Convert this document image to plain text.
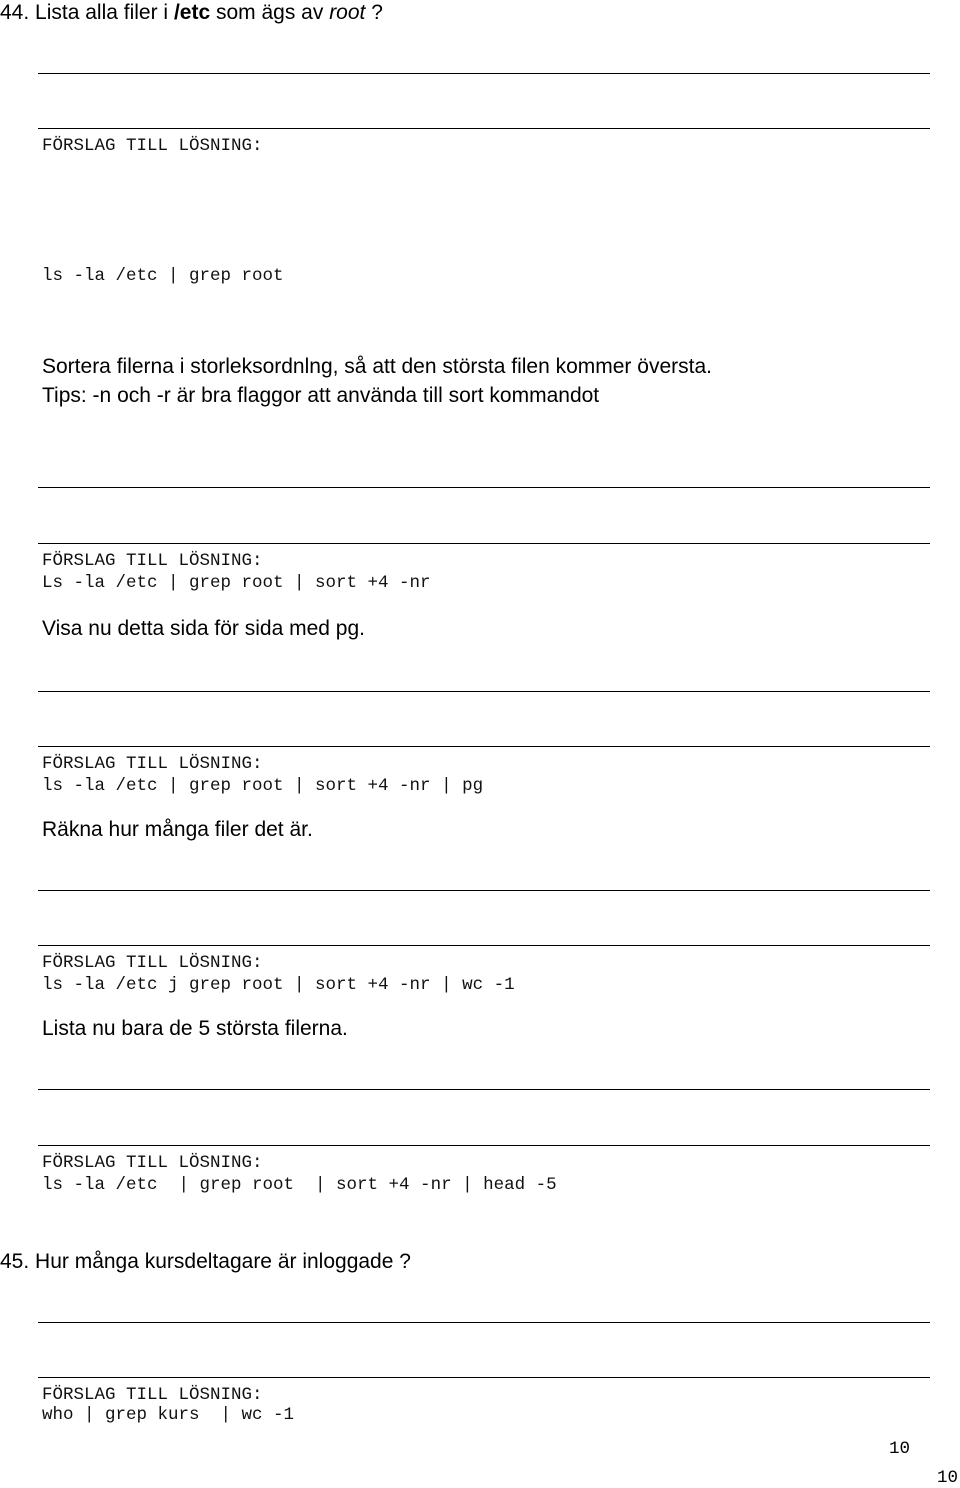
44. Lista alla filer i /etc som ägs av root ?
FÖRSLAG TILL LÖSNING:
ls -la /etc | grep root
Sortera filerna i storleksordnlng, så att den största filen kommer översta. Tips: -n och -r är bra flaggor att använda till sort kommandot
FÖRSLAG TILL LÖSNING:
Ls -la /etc | grep root | sort +4 -nr
Visa nu detta sida för sida med pg.
FÖRSLAG TILL LÖSNING:
ls -la /etc | grep root | sort +4 -nr | pg
Räkna hur många filer det är.
FÖRSLAG TILL LÖSNING:
ls -la /etc j grep root | sort +4 -nr | wc -1
Lista nu bara de 5 största filerna.
FÖRSLAG TILL LÖSNING:
ls -la /etc  | grep root  | sort +4 -nr | head -5
45. Hur många kursdeltagare är inloggade ?
FÖRSLAG TILL LÖSNING:
who | grep kurs  | wc -1
10
10
